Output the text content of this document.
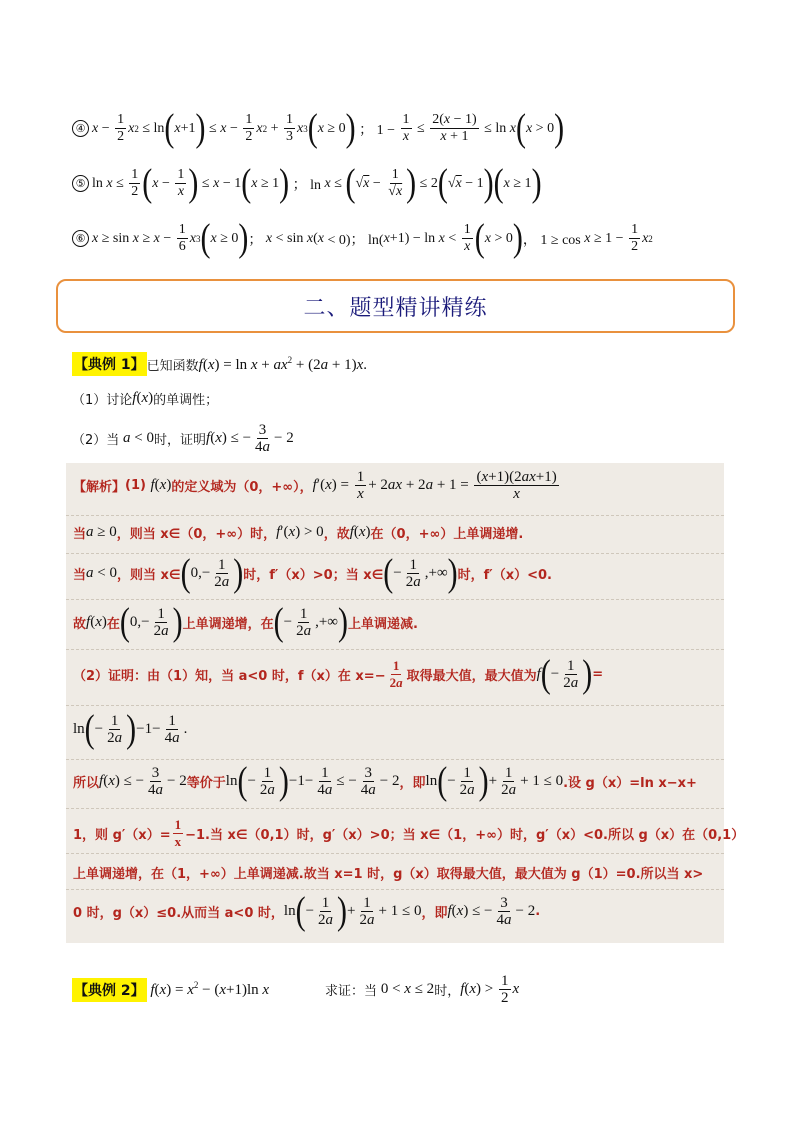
④ $x - \frac{1}{2}$ x 2 ≤ ln ( x +1 ) ≤ $x - \frac{1}{2}$ x $2 + \frac{1}{3}$ x 3 ( x ≥ 0 ) ； $1 - \frac{1}{x} \le \frac{2(x - 1)}{x + 1} \le \ln x$ ( x > 0 )
⑤ $\ln x \le \frac{1}{2}$ ( $x - \frac{1}{x}$ ) ≤ x − 1 ( x ≥ 1 ) ； ln x ≤ ( √ $x - \frac{1}{√x}$ ) ≤ 2 ( √ x − 1 ) ( x ≥ 1 )
⑥ $x \ge \sin x \ge x - \frac{1}{6}$ x 3 ( x ≥ 0 ) ； x < sin x ( x < 0)； ln( $x +1) - \ln x < \frac{1}{x}$ ( x > 0 ) ， $1 \ge \cos x \ge 1 - \frac{1}{2}$ x 2
二、题型精讲精练
【典例 1】 已知函数 $f(x) = \ln x + ax^2 + (2a + 1)x$.
（1）讨论 f(x) 的单调性；
（2）当 a < 0 时，证明 f(x) ≤ − $\frac{3}{4a} - 2$
【解析】 (1)
f(x) 的定义域为（0，+∞）， $f'(x) = \frac{1}{x} + 2ax + 2a + 1 = \frac{(x+1)(2ax+1)}{x}$
当 a ≥ 0 ，则当 x∈（0，+∞）时， f′(x) > 0 ，故 f(x) 在（0，+∞）上单调递增.
当 a < 0 ，则当 x∈ ($0,- \frac{1}{2a}$ ) 时，f′（x）>0；当 x∈ (− $\frac{1}{2a}$ ,+∞) 时，f′（x）<0.
故 f(x) 在 ($0,- \frac{1}{2a}$ ) 上单调递增，在 (− $\frac{1}{2a}$ ,+∞) 上单调递减.
（2）证明：由（1）知，当 a<0 时，f（x）在 $x=- \frac{1}{2a}$ 取得最大值，最大值为 $f(- \frac{1}{2a}$ ) =
$\ln(- \frac{1}{2a} )-1- \frac{1}{4a}$ .
所以 f(x) ≤ − $\frac{3}{4a} - 2$ 等价于 $\ln(- \frac{1}{2a} )-1- \frac{1}{4a}$ ≤ − $\frac{3}{4a} - 2$ ，即 $\ln(- \frac{1}{2a}$ )+ $\frac{1}{2a} + 1 \le 0$ .设 g（x）=ln x−x+
1，则 $g'(x)= \frac{1}{x} -1$.当 x∈（0,1）时，g′（x）>0；当 x∈（1，+∞）时，g′（x）<0.所以 g（x）在（0,1）
上单调递增，在（1，+∞）上单调递减.故当 x=1 时，g（x）取得最大值，最大值为 g（1）=0.所以当 x>
0 时，g（x）≤0.从而当 a<0 时， $\ln(- \frac{1}{2a}$ )+ $\frac{1}{2a} + 1 \le 0$ ，即 f(x) ≤ − $\frac{3}{4a} - 2$ .
【典例 2】 $f(x) = x^2 - (x+1)\ln$ x	求证：当 0 < x ≤ 2 时， $f(x) > \frac{1}{2}$ x
